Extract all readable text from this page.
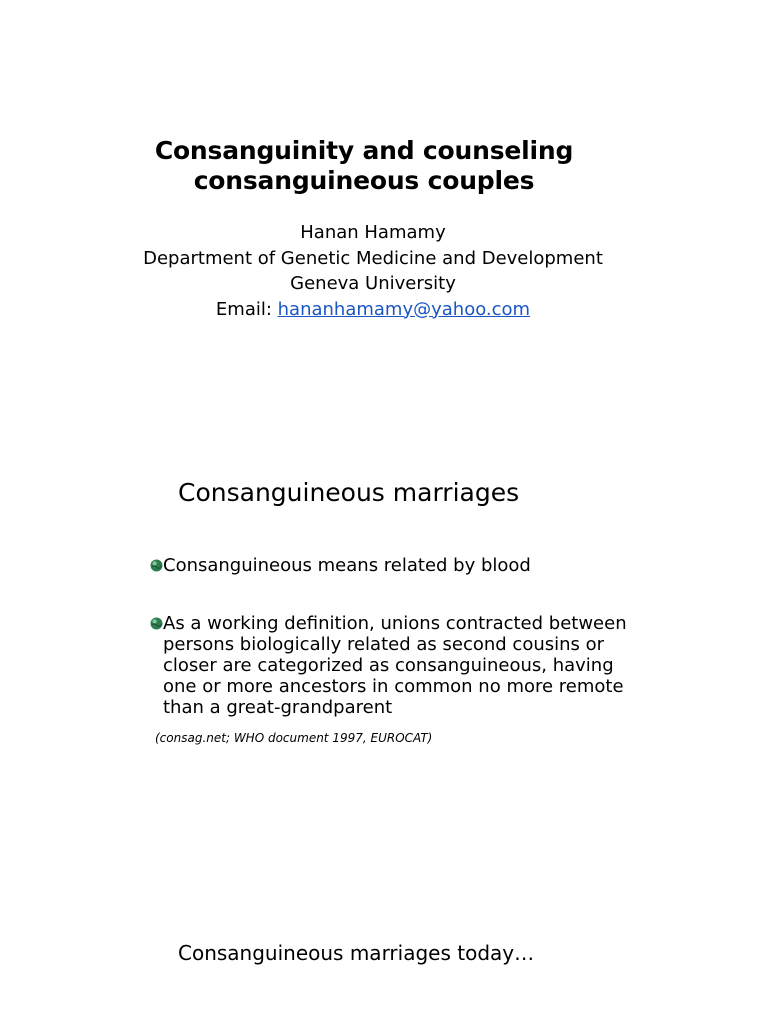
Consanguinity and counseling
consanguineous couples
Hanan Hamamy
Department of Genetic Medicine and Development
Geneva University
Email: hananhamamy@yahoo.com
Consanguineous marriages
Consanguineous means related by blood
As a working definition, unions contracted between persons biologically related as second cousins or closer are categorized as consanguineous, having one or more ancestors in common no more remote than a great-grandparent
(consag.net; WHO document 1997, EUROCAT)
Consanguineous marriages today…
